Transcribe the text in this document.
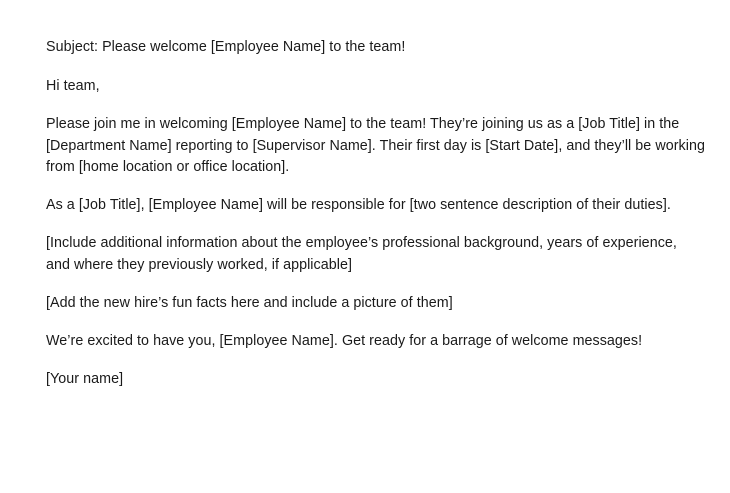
Subject: Please welcome [Employee Name] to the team!

Hi team,

Please join me in welcoming [Employee Name] to the team! They’re joining us as a [Job Title] in the [Department Name] reporting to [Supervisor Name]. Their first day is [Start Date], and they’ll be working from [home location or office location].

As a [Job Title], [Employee Name] will be responsible for [two sentence description of their duties].

[Include additional information about the employee’s professional background, years of experience, and where they previously worked, if applicable]

[Add the new hire’s fun facts here and include a picture of them]

We’re excited to have you, [Employee Name]. Get ready for a barrage of welcome messages!

[Your name]
